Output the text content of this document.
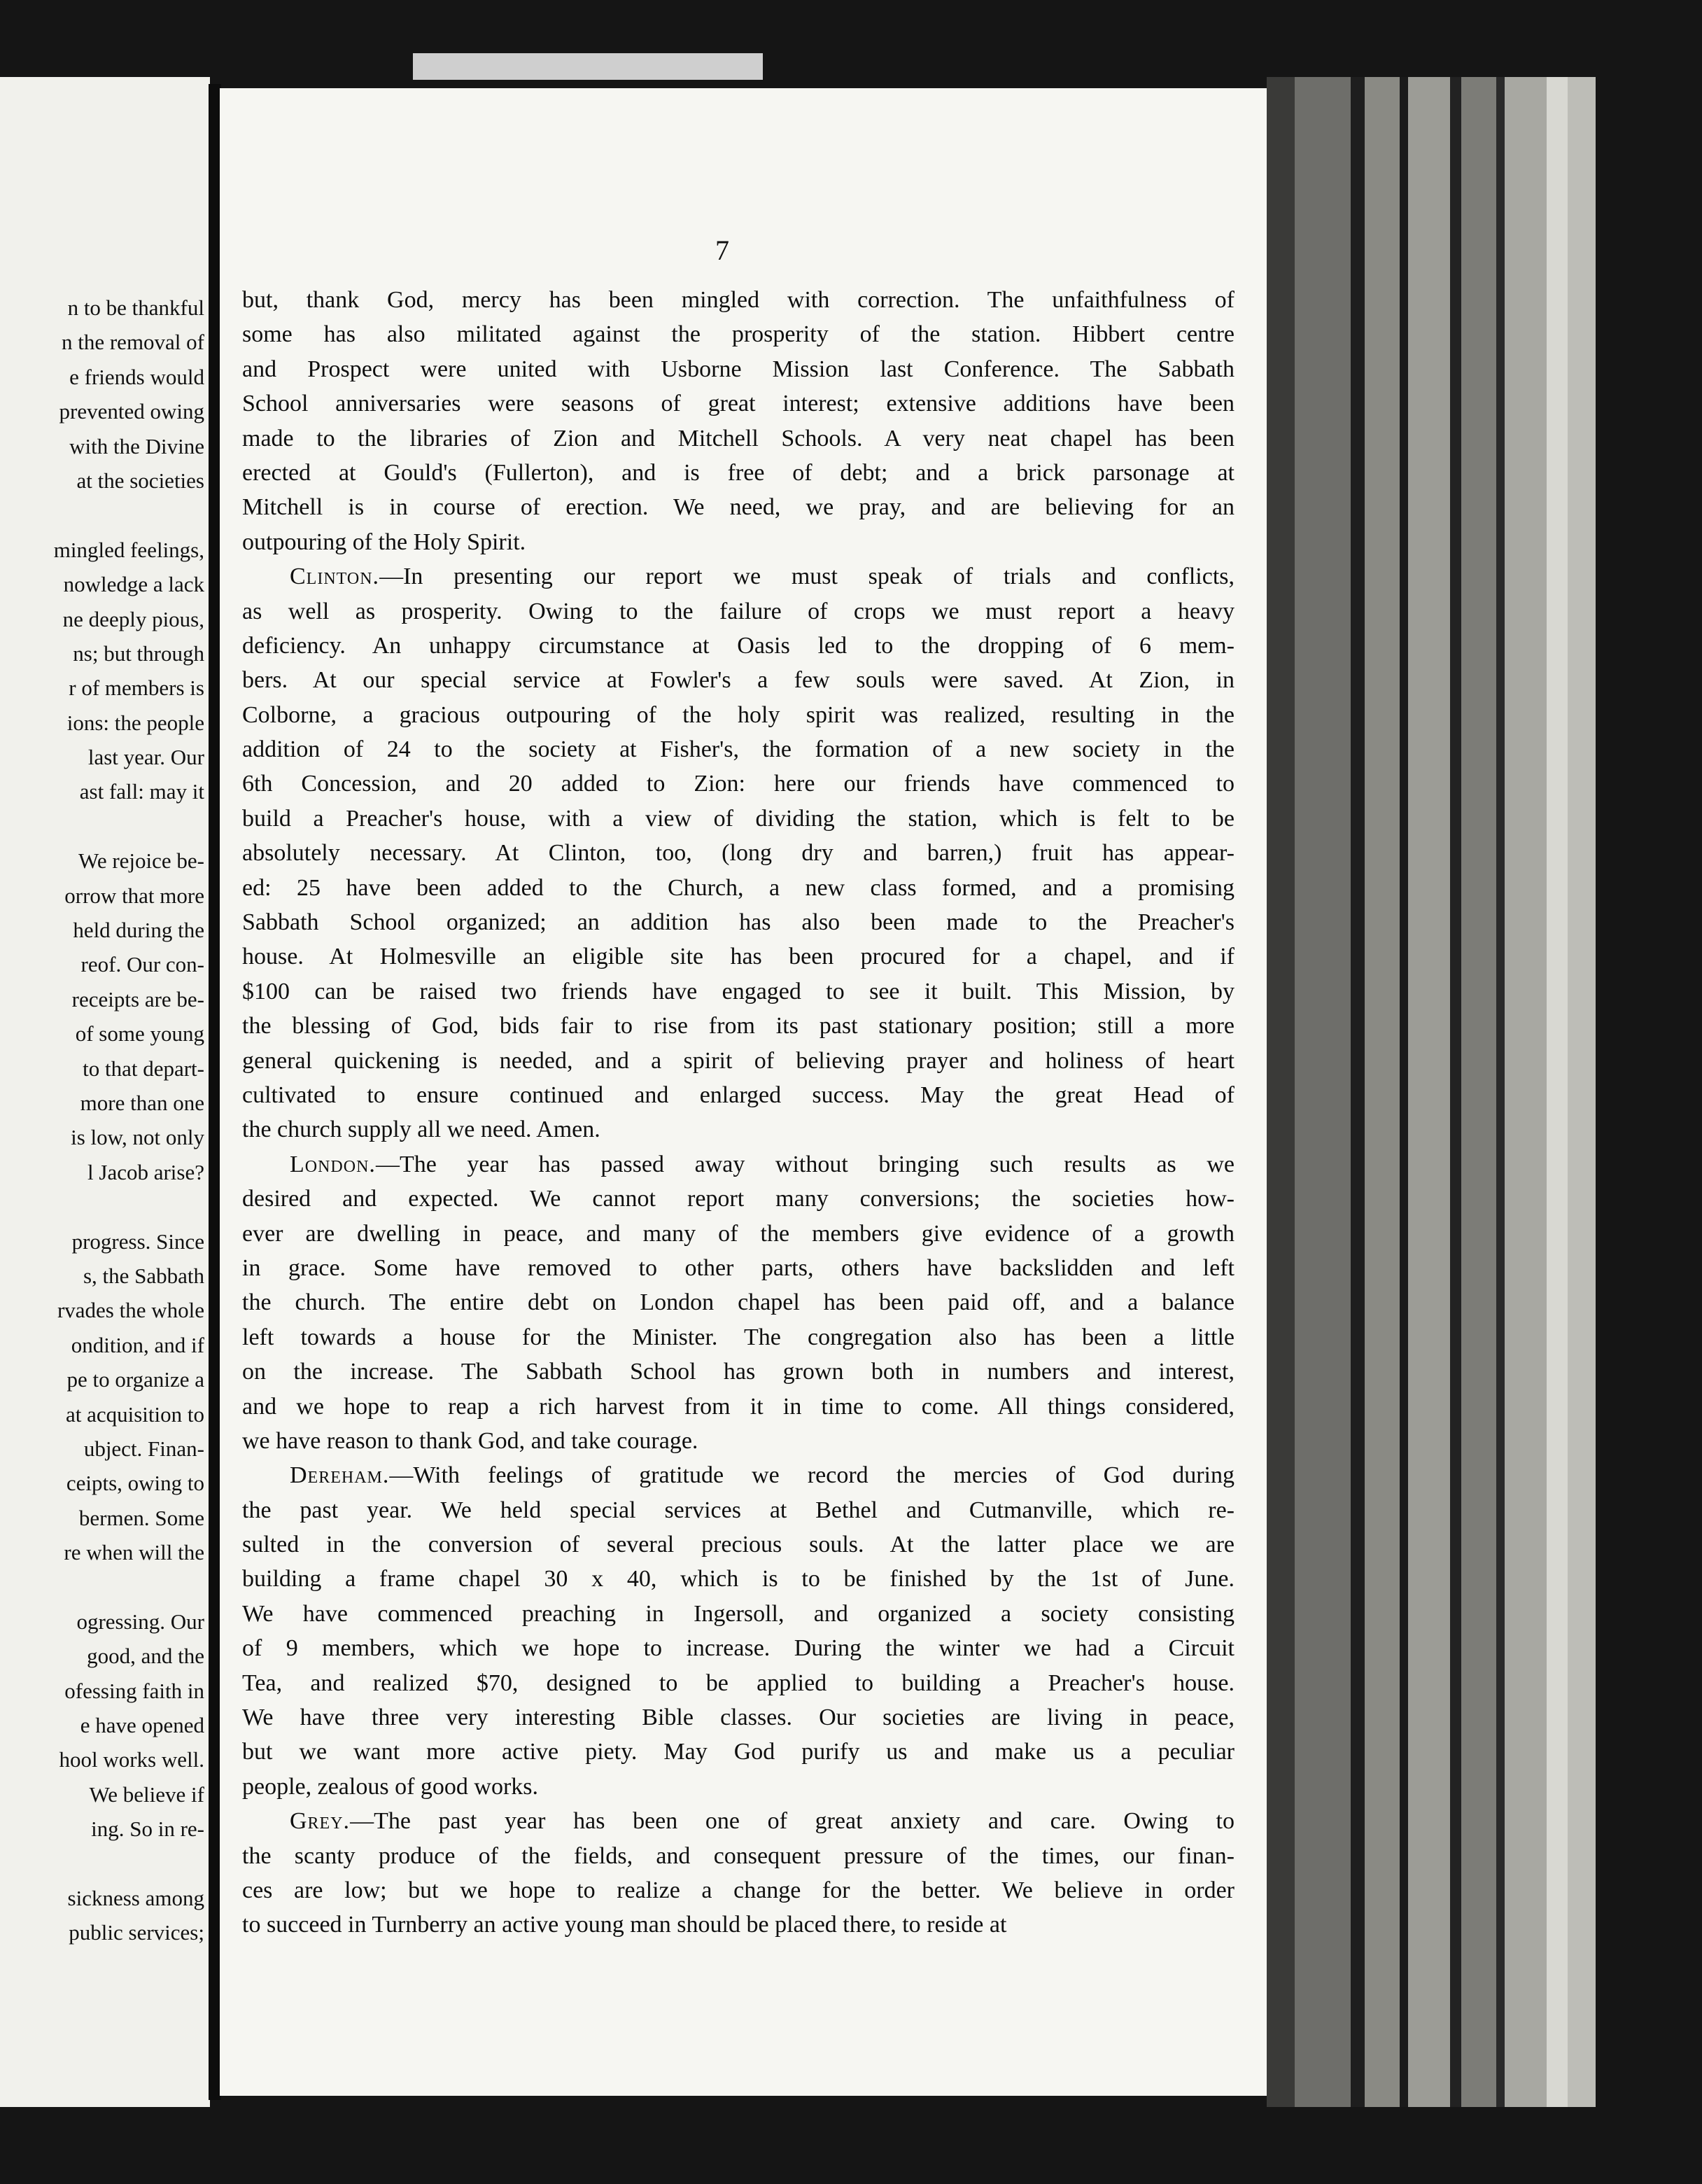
n to be thankful
n the removal of
e friends would
prevented owing
with the Divine
at the societies
mingled feelings,
nowledge a lack
ne deeply pious,
ns; but through
r of members is
ions: the people
last year. Our
ast fall: may it
We rejoice be-
orrow that more
held during the
reof. Our con-
receipts are be-
of some young
to that depart-
more than one
is low, not only
l Jacob arise?
progress. Since
s, the Sabbath
rvades the whole
ondition, and if
pe to organize a
at acquisition to
ubject. Finan-
ceipts, owing to
bermen. Some
re when will the
ogressing. Our
good, and the
ofessing faith in
e have opened
hool works well.
We believe if
ing. So in re-
sickness among
public services;
7
but, thank God, mercy has been mingled with correction. The unfaithfulness of
some has also militated against the prosperity of the station. Hibbert centre
and Prospect were united with Usborne Mission last Conference. The Sabbath
School anniversaries were seasons of great interest; extensive additions have been
made to the libraries of Zion and Mitchell Schools. A very neat chapel has been
erected at Gould's (Fullerton), and is free of debt; and a brick parsonage at
Mitchell is in course of erection. We need, we pray, and are believing for an
outpouring of the Holy Spirit.
Clinton.—In presenting our report we must speak of trials and conflicts,
as well as prosperity. Owing to the failure of crops we must report a heavy
deficiency. An unhappy circumstance at Oasis led to the dropping of 6 mem-
bers. At our special service at Fowler's a few souls were saved. At Zion, in
Colborne, a gracious outpouring of the holy spirit was realized, resulting in the
addition of 24 to the society at Fisher's, the formation of a new society in the
6th Concession, and 20 added to Zion: here our friends have commenced to
build a Preacher's house, with a view of dividing the station, which is felt to be
absolutely necessary. At Clinton, too, (long dry and barren,) fruit has appear-
ed: 25 have been added to the Church, a new class formed, and a promising
Sabbath School organized; an addition has also been made to the Preacher's
house. At Holmesville an eligible site has been procured for a chapel, and if
$100 can be raised two friends have engaged to see it built. This Mission, by
the blessing of God, bids fair to rise from its past stationary position; still a more
general quickening is needed, and a spirit of believing prayer and holiness of heart
cultivated to ensure continued and enlarged success. May the great Head of
the church supply all we need. Amen.
London.—The year has passed away without bringing such results as we
desired and expected. We cannot report many conversions; the societies how-
ever are dwelling in peace, and many of the members give evidence of a growth
in grace. Some have removed to other parts, others have backslidden and left
the church. The entire debt on London chapel has been paid off, and a balance
left towards a house for the Minister. The congregation also has been a little
on the increase. The Sabbath School has grown both in numbers and interest,
and we hope to reap a rich harvest from it in time to come. All things considered,
we have reason to thank God, and take courage.
Dereham.—With feelings of gratitude we record the mercies of God during
the past year. We held special services at Bethel and Cutmanville, which re-
sulted in the conversion of several precious souls. At the latter place we are
building a frame chapel 30 x 40, which is to be finished by the 1st of June.
We have commenced preaching in Ingersoll, and organized a society consisting
of 9 members, which we hope to increase. During the winter we had a Circuit
Tea, and realized $70, designed to be applied to building a Preacher's house.
We have three very interesting Bible classes. Our societies are living in peace,
but we want more active piety. May God purify us and make us a peculiar
people, zealous of good works.
Grey.—The past year has been one of great anxiety and care. Owing to
the scanty produce of the fields, and consequent pressure of the times, our finan-
ces are low; but we hope to realize a change for the better. We believe in order
to succeed in Turnberry an active young man should be placed there, to reside at
